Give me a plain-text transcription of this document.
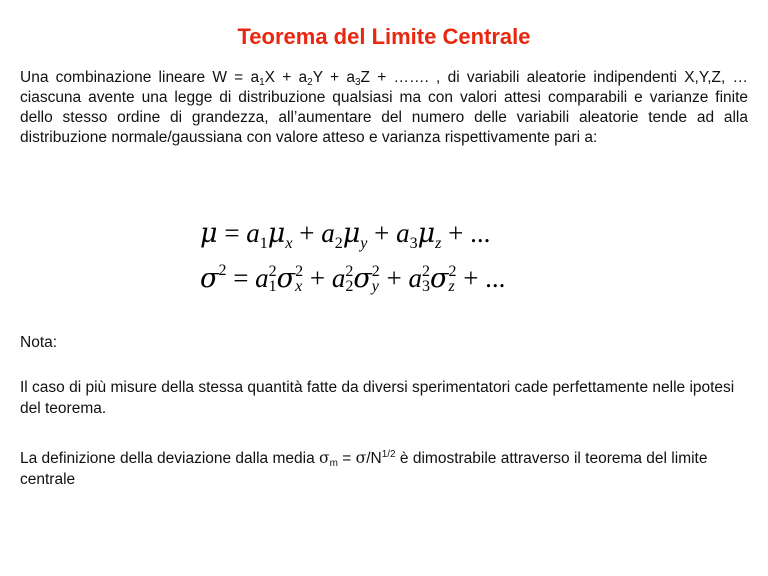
Teorema del Limite Centrale
Una combinazione lineare $W = a_1X + a_2Y + a_3Z$ + ……. , di variabili aleatorie indipendenti X,Y,Z, … ciascuna avente una legge di distribuzione qualsiasi ma con valori attesi comparabili e varianze finite dello stesso ordine di grandezza, all’aumentare del numero delle variabili aleatorie tende ad alla distribuzione normale/gaussiana con valore atteso e varianza rispettivamente pari a:
$\mu = a_1\mu_x + a_2\mu_y + a_3\mu_z$ + ...
$\sigma^2 = a$ 2
1 σ 2
x + a 2
2 σ 2
y + a 2
3 σ 2
z + ...
Nota:
Il caso di più misure della stessa quantità fatte da diversi sperimentatori cade perfettamente nelle ipotesi del teorema.
La definizione della deviazione dalla media $\sigma_m = \sigma/N^{1/2}$ è dimostrabile attraverso il teorema del limite centrale
